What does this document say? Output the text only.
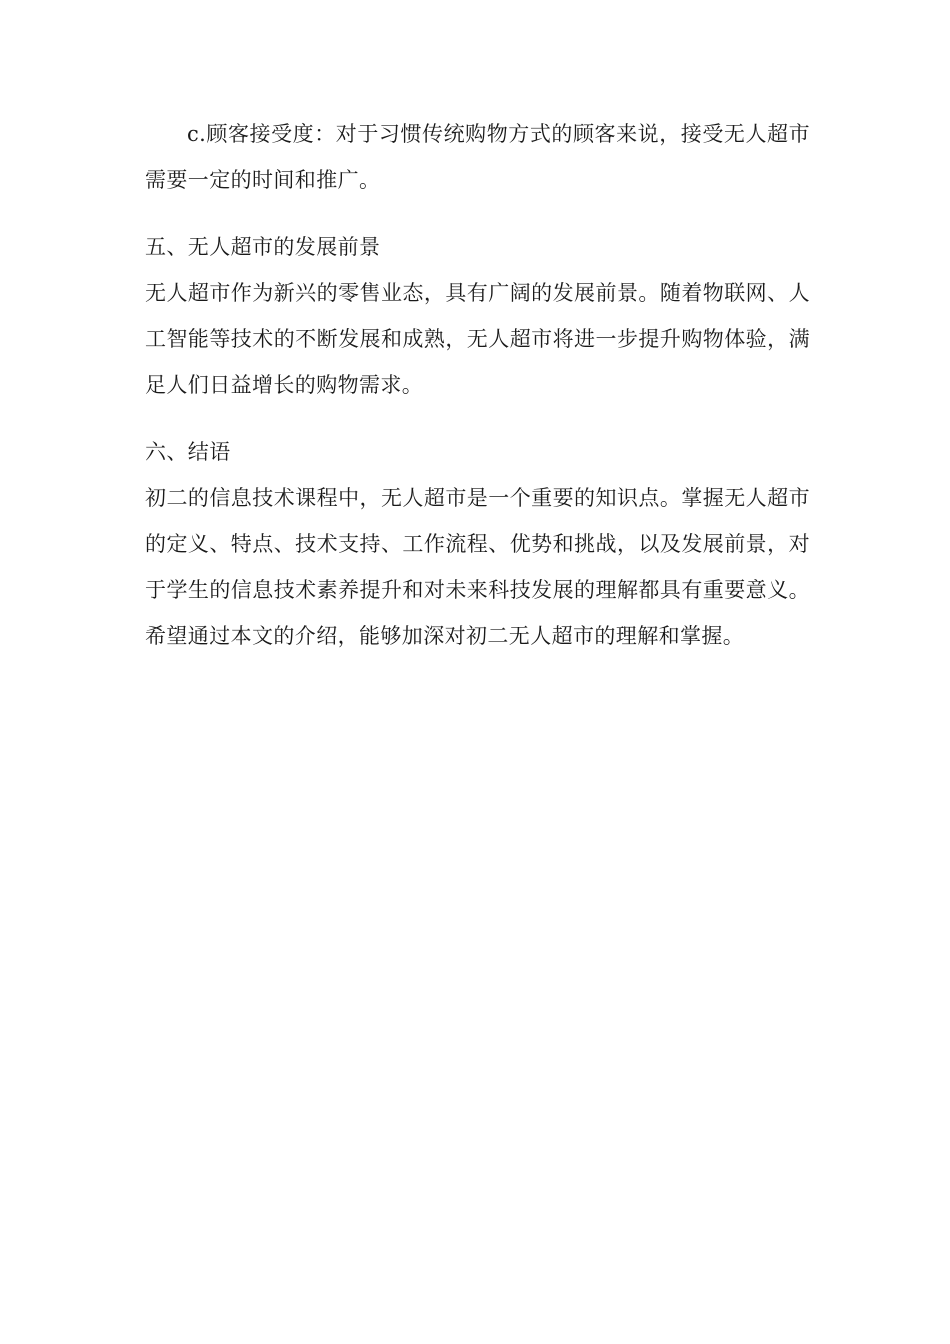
c.顾客接受度：对于习惯传统购物方式的顾客来说，接受无人超市需要一定的时间和推广。

五、无人超市的发展前景

无人超市作为新兴的零售业态，具有广阔的发展前景。随着物联网、人工智能等技术的不断发展和成熟，无人超市将进一步提升购物体验，满足人们日益增长的购物需求。

六、结语

初二的信息技术课程中，无人超市是一个重要的知识点。掌握无人超市的定义、特点、技术支持、工作流程、优势和挑战，以及发展前景，对于学生的信息技术素养提升和对未来科技发展的理解都具有重要意义。希望通过本文的介绍，能够加深对初二无人超市的理解和掌握。
